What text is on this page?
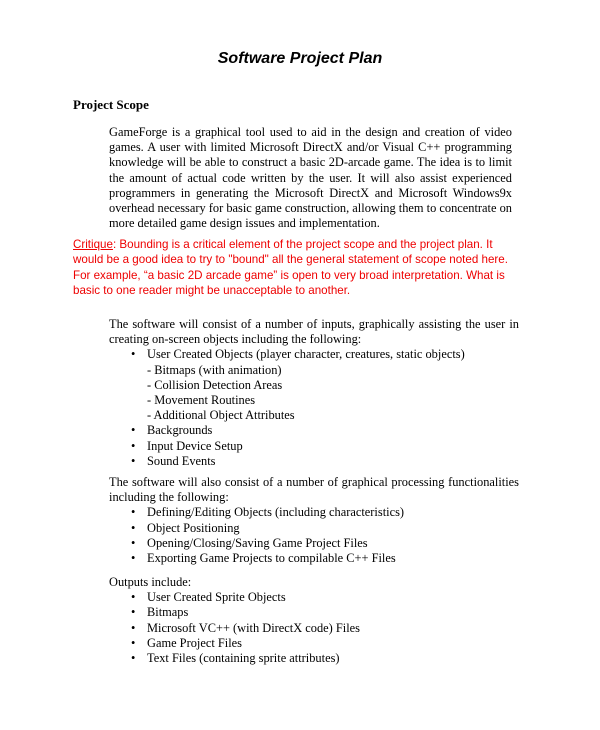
Software Project Plan
Project Scope
GameForge is a graphical tool used to aid in the design and creation of video
games. A user with limited Microsoft DirectX and/or Visual C++ programming
knowledge will be able to construct a basic 2D-arcade game. The idea is to limit
the amount of actual code written by the user. It will also assist experienced
programmers in generating the Microsoft DirectX and Microsoft Windows9x
overhead necessary for basic game construction, allowing them to concentrate on
more detailed game design issues and implementation.
Critique: Bounding is a critical element of the project scope and the project plan. It
would be a good idea to try to "bound" all the general statement of scope noted here.
For example, “a basic 2D arcade game” is open to very broad interpretation. What is
basic to one reader might be unacceptable to another.
The software will consist of a number of inputs, graphically assisting the user in
creating on-screen objects including the following:
• User Created Objects (player character, creatures, static objects)
- Bitmaps (with animation)
- Collision Detection Areas
- Movement Routines
- Additional Object Attributes
• Backgrounds
• Input Device Setup
• Sound Events
The software will also consist of a number of graphical processing functionalities
including the following:
• Defining/Editing Objects (including characteristics)
• Object Positioning
• Opening/Closing/Saving Game Project Files
• Exporting Game Projects to compilable C++ Files
Outputs include:
• User Created Sprite Objects
• Bitmaps
• Microsoft VC++ (with DirectX code) Files
• Game Project Files
• Text Files (containing sprite attributes)
